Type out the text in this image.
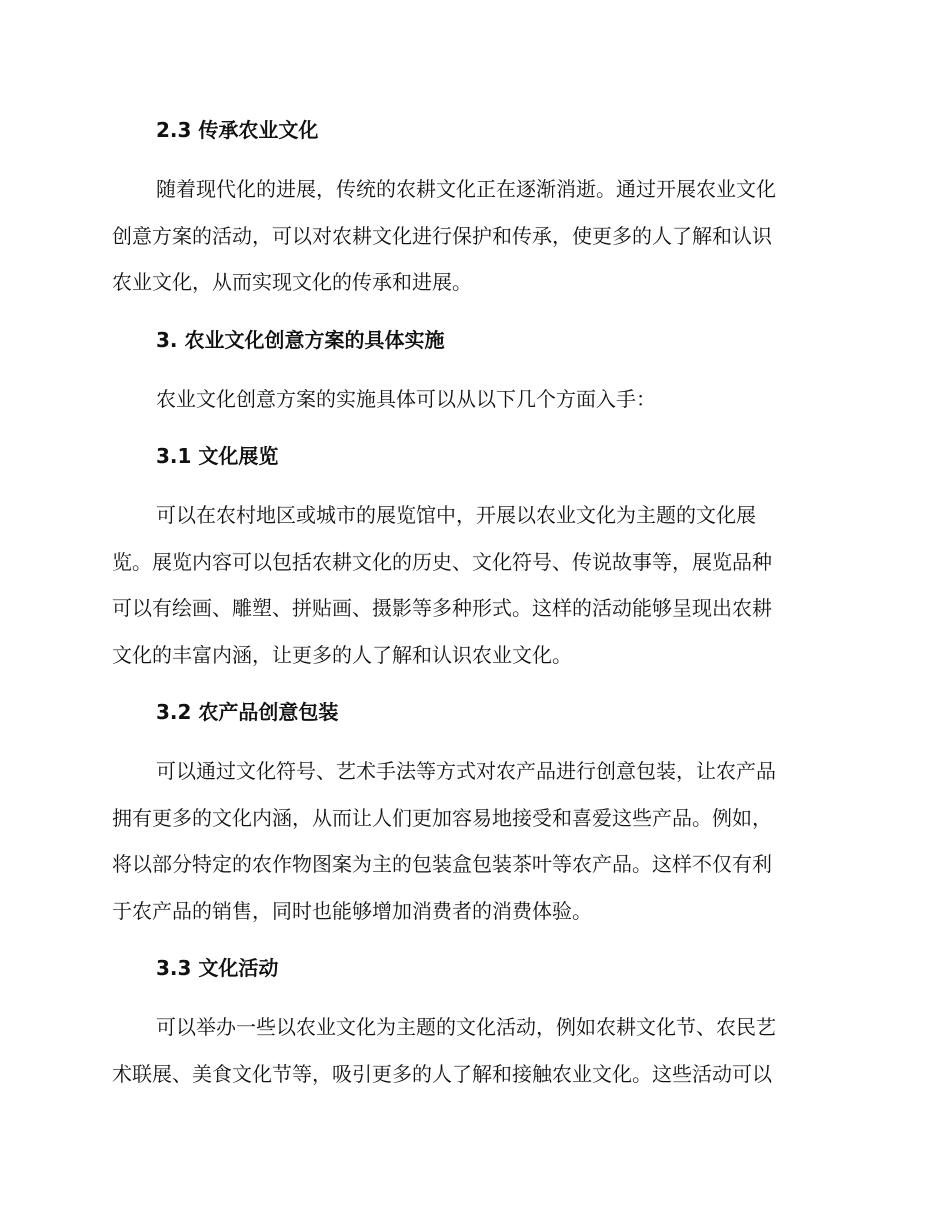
2.3 传承农业文化

随着现代化的进展，传统的农耕文化正在逐渐消逝。通过开展农业文化
创意方案的活动，可以对农耕文化进行保护和传承，使更多的人了解和认识
农业文化，从而实现文化的传承和进展。

3. 农业文化创意方案的具体实施

农业文化创意方案的实施具体可以从以下几个方面入手：

3.1 文化展览

可以在农村地区或城市的展览馆中，开展以农业文化为主题的文化展
览。展览内容可以包括农耕文化的历史、文化符号、传说故事等，展览品种
可以有绘画、雕塑、拼贴画、摄影等多种形式。这样的活动能够呈现出农耕
文化的丰富内涵，让更多的人了解和认识农业文化。

3.2 农产品创意包装

可以通过文化符号、艺术手法等方式对农产品进行创意包装，让农产品
拥有更多的文化内涵，从而让人们更加容易地接受和喜爱这些产品。例如，
将以部分特定的农作物图案为主的包装盒包装茶叶等农产品。这样不仅有利
于农产品的销售，同时也能够增加消费者的消费体验。

3.3 文化活动

可以举办一些以农业文化为主题的文化活动，例如农耕文化节、农民艺
术联展、美食文化节等，吸引更多的人了解和接触农业文化。这些活动可以
